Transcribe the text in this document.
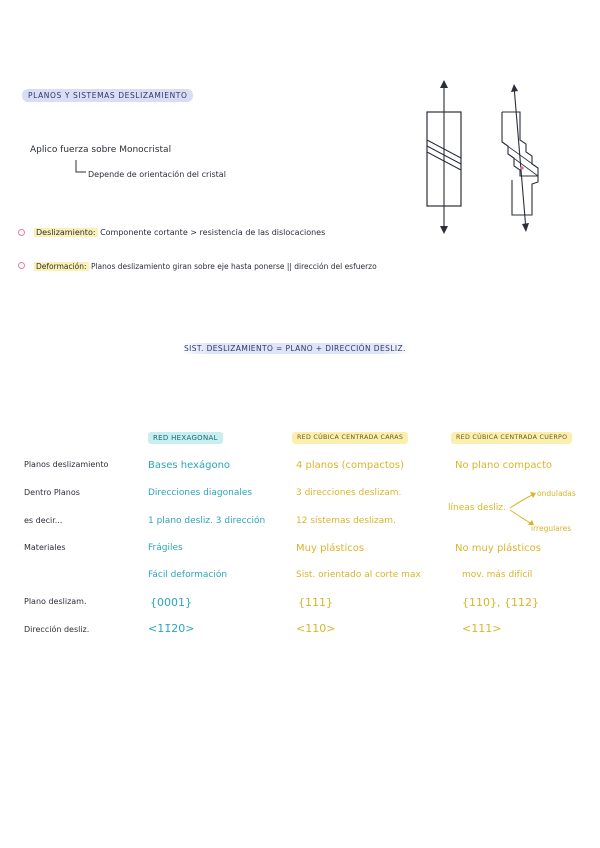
PLANOS Y SISTEMAS DESLIZAMIENTO
Aplico fuerza sobre Monocristal
Depende de orientación del cristal
Deslizamiento: Componente cortante > resistencia de las dislocaciones
Deformación: Planos deslizamiento giran sobre eje hasta ponerse || dirección del esfuerzo
SIST. DESLIZAMIENTO = PLANO + DIRECCIÓN DESLIZ.
RED HEXAGONAL	RED CÚBICA CENTRADA CARAS	RED CÚBICA CENTRADA CUERPO
Planos deslizamiento
Dentro Planos
es decir...
Materiales
Plano deslizam.
Dirección desliz.
Bases hexágono
Direcciones diagonales
1 plano desliz. 3 dirección
Frágiles
Fácil deformación
{0001}
<11̄20>
4 planos (compactos)
3 direcciones deslizam.
12 sistemas deslizam.
Muy plásticos
Sist. orientado al corte max
{111}
<110>
No plano compacto
No muy plásticos
mov. más difícil
{110}, {112}
<111>
líneas desliz.
onduladas
irregulares
